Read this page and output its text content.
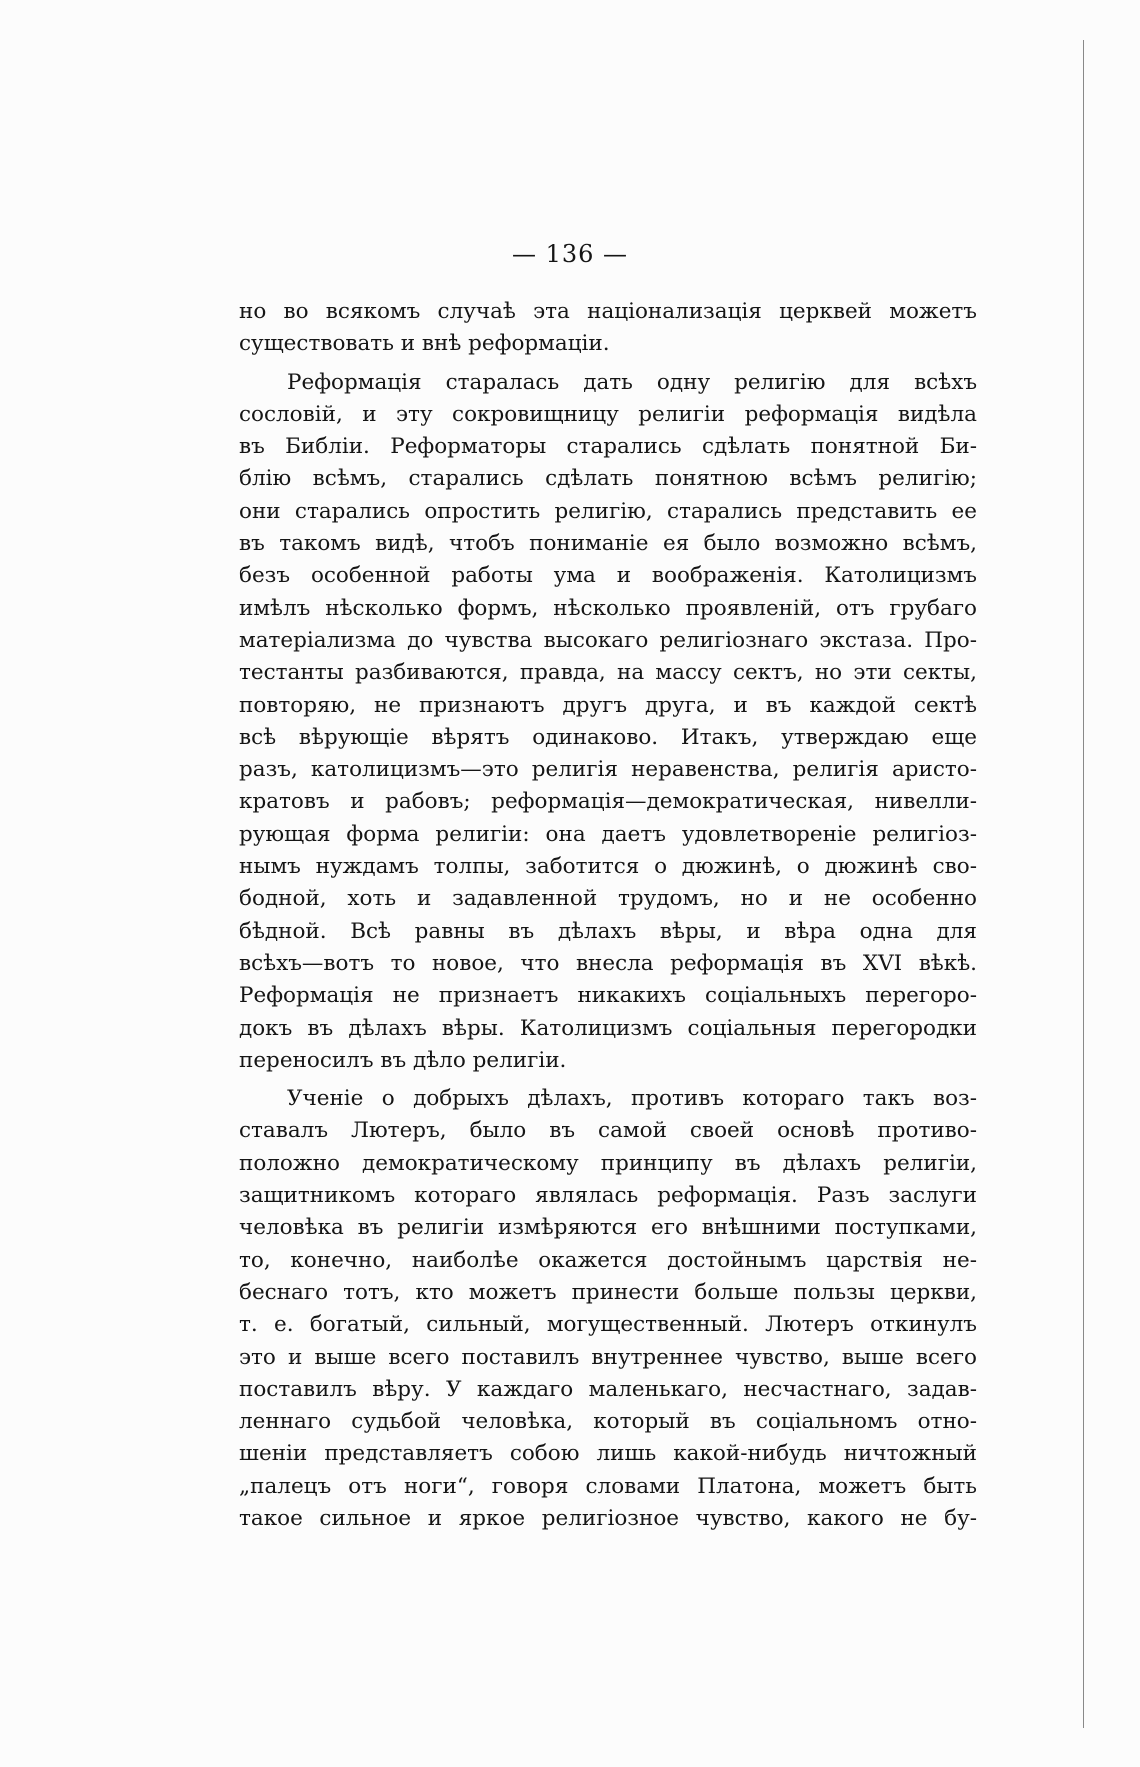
— 136 —
но во всякомъ случаѣ эта націонализація церквей можетъ
существовать и внѣ реформаціи.
Реформація старалась дать одну религію для всѣхъ
сословій, и эту сокровищницу религіи реформація видѣла
въ Библіи. Реформаторы старались сдѣлать понятной Би-
блію всѣмъ, старались сдѣлать понятною всѣмъ религію;
они старались опростить религію, старались представить ее
въ такомъ видѣ, чтобъ пониманіе ея было возможно всѣмъ,
безъ особенной работы ума и воображенія. Католицизмъ
имѣлъ нѣсколько формъ, нѣсколько проявленій, отъ грубаго
матеріализма до чувства высокаго религіознаго экстаза. Про-
тестанты разбиваются, правда, на массу сектъ, но эти секты,
повторяю, не признаютъ другъ друга, и въ каждой сектѣ
всѣ вѣрующіе вѣрятъ одинаково. Итакъ, утверждаю еще
разъ, католицизмъ—это религія неравенства, религія аристо-
кратовъ и рабовъ; реформація—демократическая, нивелли-
рующая форма религіи: она даетъ удовлетвореніе религіоз-
нымъ нуждамъ толпы, заботится о дюжинѣ, о дюжинѣ сво-
бодной, хоть и задавленной трудомъ, но и не особенно
бѣдной. Всѣ равны въ дѣлахъ вѣры, и вѣра одна для
всѣхъ—вотъ то новое, что внесла реформація въ XVI вѣкѣ.
Реформація не признаетъ никакихъ соціальныхъ перегоро-
докъ въ дѣлахъ вѣры. Католицизмъ соціальныя перегородки
переносилъ въ дѣло религіи.
Ученіе о добрыхъ дѣлахъ, противъ котораго такъ воз-
ставалъ Лютеръ, было въ самой своей основѣ противо-
положно демократическому принципу въ дѣлахъ религіи,
защитникомъ котораго являлась реформація. Разъ заслуги
человѣка въ религіи измѣряются его внѣшними поступками,
то, конечно, наиболѣе окажется достойнымъ царствія не-
беснаго тотъ, кто можетъ принести больше пользы церкви,
т. е. богатый, сильный, могущественный. Лютеръ откинулъ
это и выше всего поставилъ внутреннее чувство, выше всего
поставилъ вѣру. У каждаго маленькаго, несчастнаго, задав-
леннаго судьбой человѣка, который въ соціальномъ отно-
шеніи представляетъ собою лишь какой-нибудь ничтожный
„палецъ отъ ноги“, говоря словами Платона, можетъ быть
такое сильное и яркое религіозное чувство, какого не бу-
